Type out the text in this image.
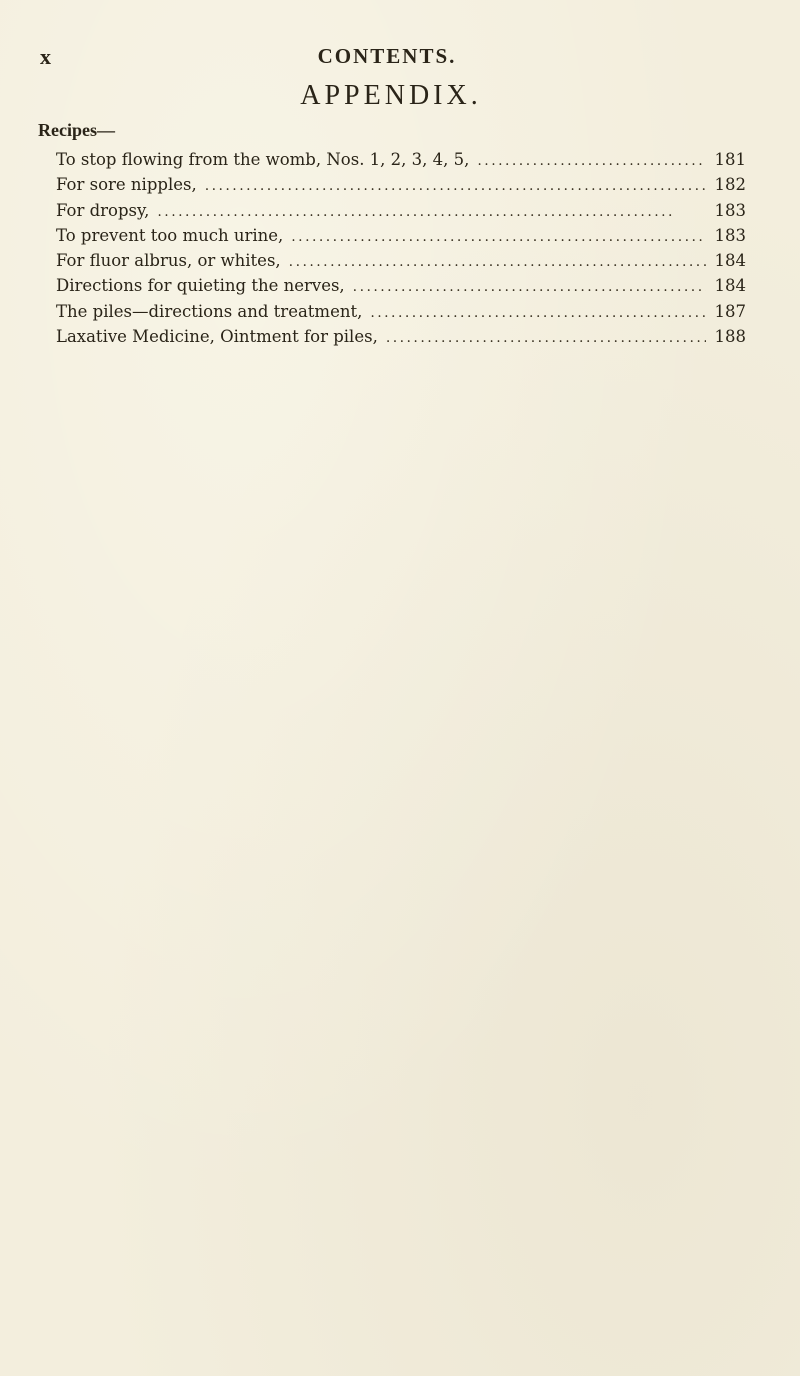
x	CONTENTS.
APPENDIX.
Recipes—
To stop flowing from the womb, Nos. 1, 2, 3, 4, 5, . . .	181
For sore nipples, . . .	182
For dropsy, . . .	183
To prevent too much urine, . . .	183
For fluor albrus, or whites, . . .	184
Directions for quieting the nerves, . . .	184
The piles—directions and treatment, . . .	187
Laxative Medicine, Ointment for piles, . . .	188
